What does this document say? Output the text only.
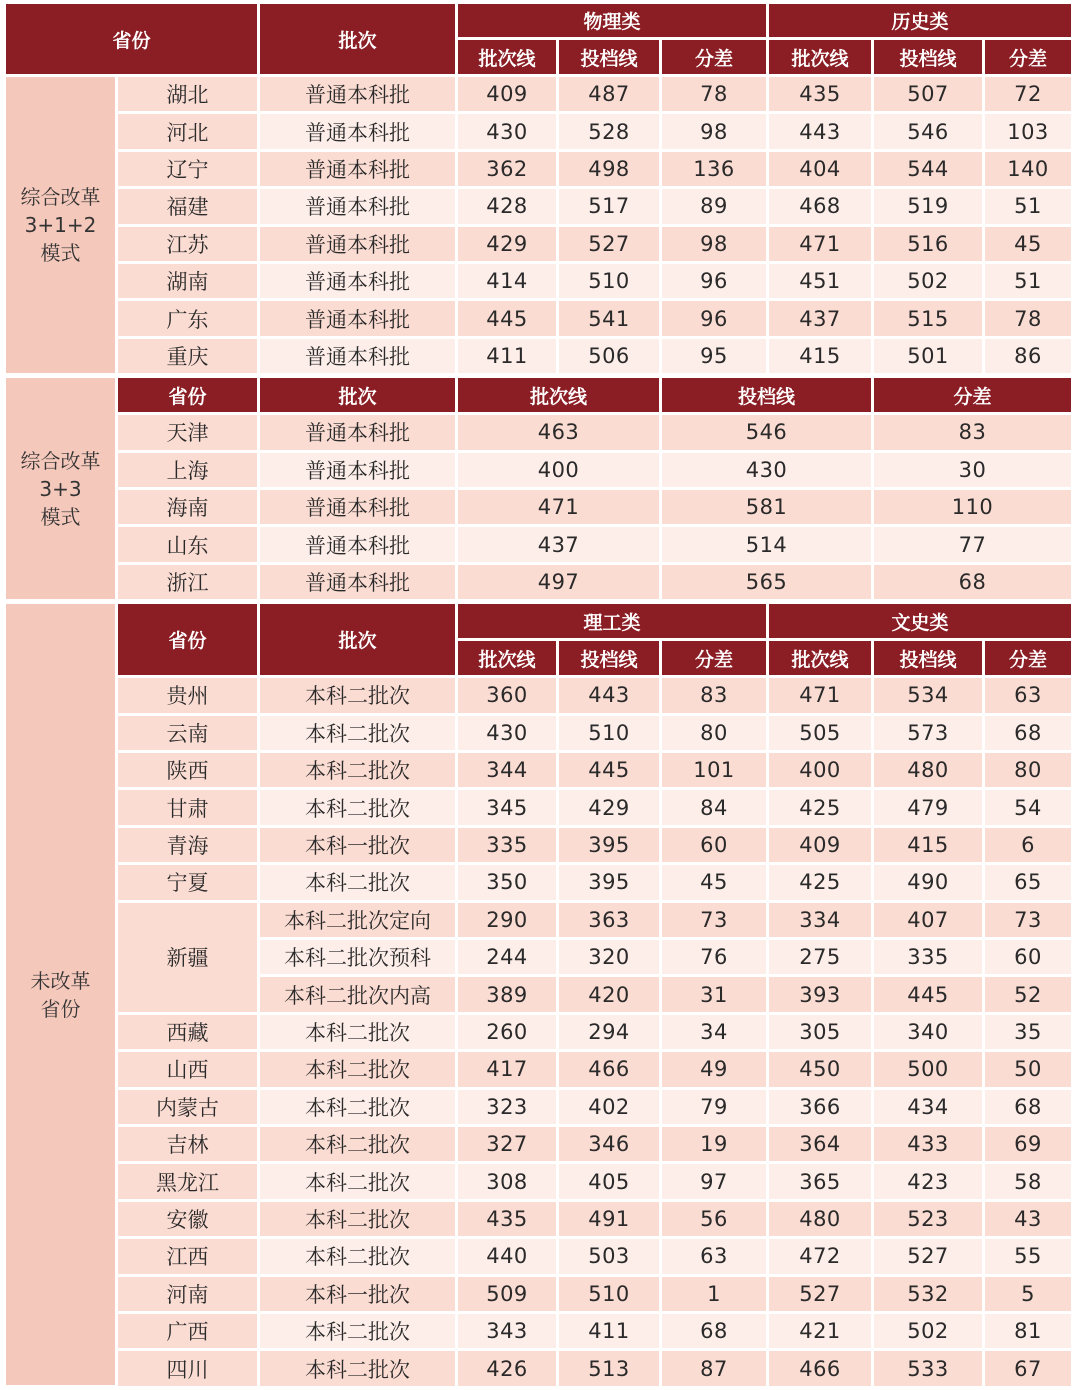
省份	批次
物理类	历史类
批次线	投档线	分差	批次线	投档线	分差
综合改革
3+1+2
模式
湖北	普通本科批	409	487	78	435	507	72
河北	普通本科批	430	528	98	443	546	103
辽宁	普通本科批	362	498	136	404	544	140
福建	普通本科批	428	517	89	468	519	51
江苏	普通本科批	429	527	98	471	516	45
湖南	普通本科批	414	510	96	451	502	51
广东	普通本科批	445	541	96	437	515	78
重庆	普通本科批	411	506	95	415	501	86
综合改革
3+3
模式
省份	批次	批次线	投档线	分差
天津	普通本科批	463	546	83
上海	普通本科批	400	430	30
海南	普通本科批	471	581	110
山东	普通本科批	437	514	77
浙江	普通本科批	497	565	68
未改革
省份
省份	批次
理工类	文史类
批次线	投档线	分差	批次线	投档线	分差
贵州	本科二批次	360	443	83	471	534	63
云南	本科二批次	430	510	80	505	573	68
陕西	本科二批次	344	445	101	400	480	80
甘肃	本科二批次	345	429	84	425	479	54
青海	本科一批次	335	395	60	409	415	6
宁夏	本科二批次	350	395	45	425	490	65
新疆
本科二批次定向	290	363	73	334	407	73
本科二批次预科	244	320	76	275	335	60
本科二批次内高	389	420	31	393	445	52
西藏	本科二批次	260	294	34	305	340	35
山西	本科二批次	417	466	49	450	500	50
内蒙古	本科二批次	323	402	79	366	434	68
吉林	本科二批次	327	346	19	364	433	69
黑龙江	本科二批次	308	405	97	365	423	58
安徽	本科二批次	435	491	56	480	523	43
江西	本科二批次	440	503	63	472	527	55
河南	本科一批次	509	510	1	527	532	5
广西	本科二批次	343	411	68	421	502	81
四川	本科二批次	426	513	87	466	533	67
